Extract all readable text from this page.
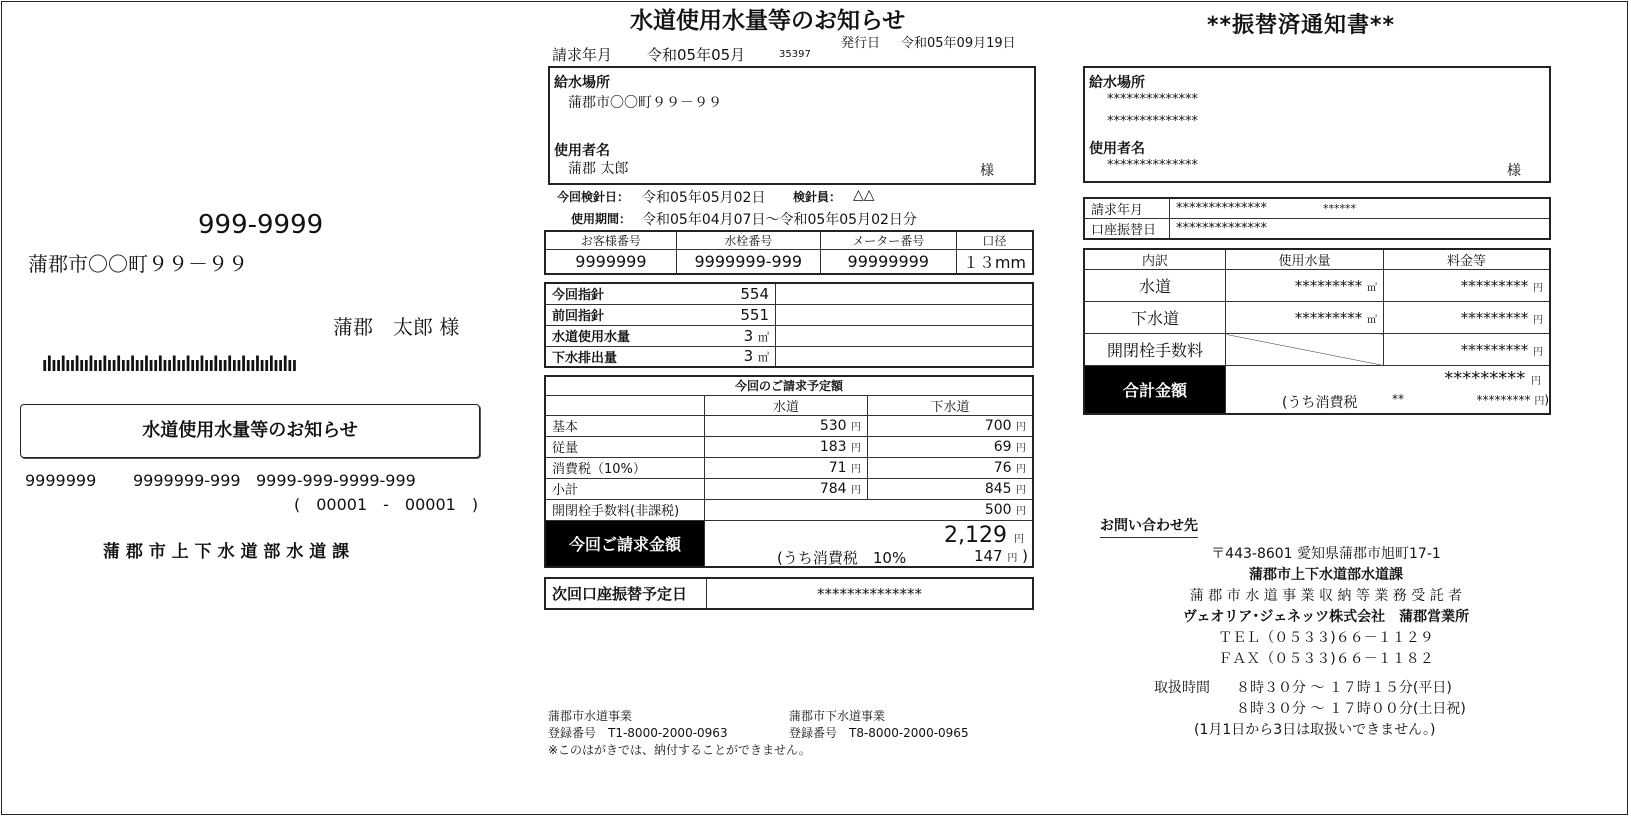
999-9999
蒲郡市〇〇町９９－９９
蒲郡　太郎 様
ılıılıılıılıılıılıılıılıılıılıılıılıılıılıılıılıılıılıı
水道使用水量等のお知らせ
9999999 9999999-999 9999-999-9999-999
(　00001　-　00001　)
蒲 郡 市 上 下 水 道 部 水 道 課
水道使用水量等のお知らせ
発行日 令和05年09月19日
請求年月 令和05年05月	35397
給水場所
蒲郡市〇〇町９９－９９
使用者名
蒲郡 太郎	様
今回検針日： 令和05年05月02日 検針員： △△
使用期間： 令和05年04月07日～令和05年05月02日分
お客様番号	水栓番号	メーター番号	口径
9999999	9999999-999	99999999	１３mm
今回指針	554	
前回指針	551	
水道使用水量	3 ㎥	
下水排出量	3 ㎥	
今回のご請求予定額		
	水道	下水道
基本	530 円	700 円
従量	183 円	69 円
消費税（10%）	71 円	76 円
小計	784 円	845 円
開閉栓手数料(非課税)	500 円	
今回ご請求金額	2,129 円
(うち消費税　10% 147 円 )	
次回口座振替予定日	**************
蒲郡市水道事業
登録番号　T1-8000-2000-0963
蒲郡市下水道事業
登録番号　T8-8000-2000-0965
※このはがきでは、納付することができません。
**振替済通知書**
給水場所
**************
**************
使用者名
**************	様
請求年月	************** ******
口座振替日	**************
内訳	使用水量	料金等
水道	********* ㎥	********* 円
下水道	********* ㎥	********* 円
開閉栓手数料		********* 円
合計金額	********* 円
(うち消費税 ** ********* 円)	
お問い合わせ先
〒443-8601 愛知県蒲郡市旭町17-1
蒲郡市上下水道部水道課
蒲 郡 市 水 道 事 業 収 納 等 業 務 受 託 者
ヴェオリア･ジェネッツ株式会社　蒲郡営業所
ＴＥＬ（０５３３)６６－１１２９
ＦＡＸ（０５３３)６６－１１８２
取扱時間 ８時３０分 ～ １７時１５分(平日)
８時３０分 ～ １７時００分(土日祝)
(1月1日から3日は取扱いできません。)
